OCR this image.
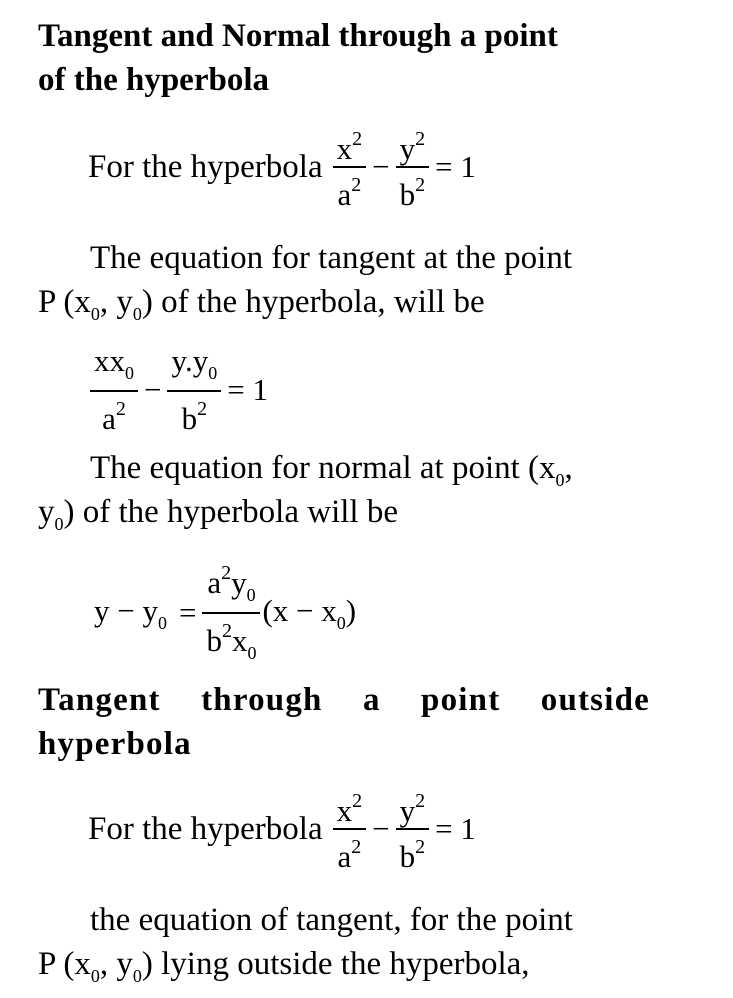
Tangent and Normal through a point
of the hyperbola
For the hyperbola $\frac{x^2}{a^2} - \frac{y^2}{b^2} = 1$
The equation for tangent at the point
P ($x_0$, $y_0$) of the hyperbola, will be
$\frac{xx_0}{a^2} - \frac{y.y_0}{b^2} = 1$
The equation for normal at point ($x_0$,
$y_0$) of the hyperbola will be
$y - y_0 = \frac{a^2y_0}{b^2x_0} (x - x_0)$
Tangent through a point outside
hyperbola
For the hyperbola $\frac{x^2}{a^2} - \frac{y^2}{b^2} = 1$
the equation of tangent, for the point
P ($x_0$, $y_0$) lying outside the hyperbola,
